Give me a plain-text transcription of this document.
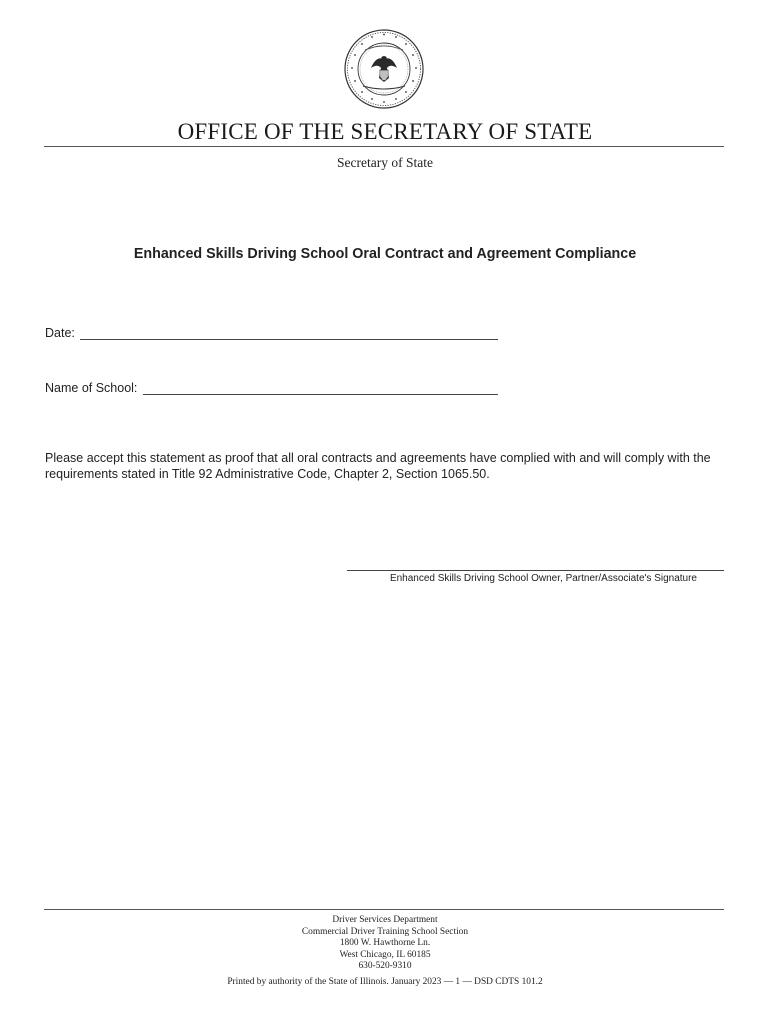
OFFICE OF THE SECRETARY OF STATE
Secretary of State
Enhanced Skills Driving School Oral Contract and Agreement Compliance
Date:
Name of School:
Please accept this statement as proof that all oral contracts and agreements have complied with and will comply with the requirements stated in Title 92 Administrative Code, Chapter 2, Section 1065.50.
Enhanced Skills Driving School Owner, Partner/Associate's Signature
Driver Services Department
Commercial Driver Training School Section
1800 W. Hawthorne Ln.
West Chicago, IL 60185
630-520-9310
Printed by authority of the State of Illinois. January 2023 — 1 — DSD CDTS 101.2
